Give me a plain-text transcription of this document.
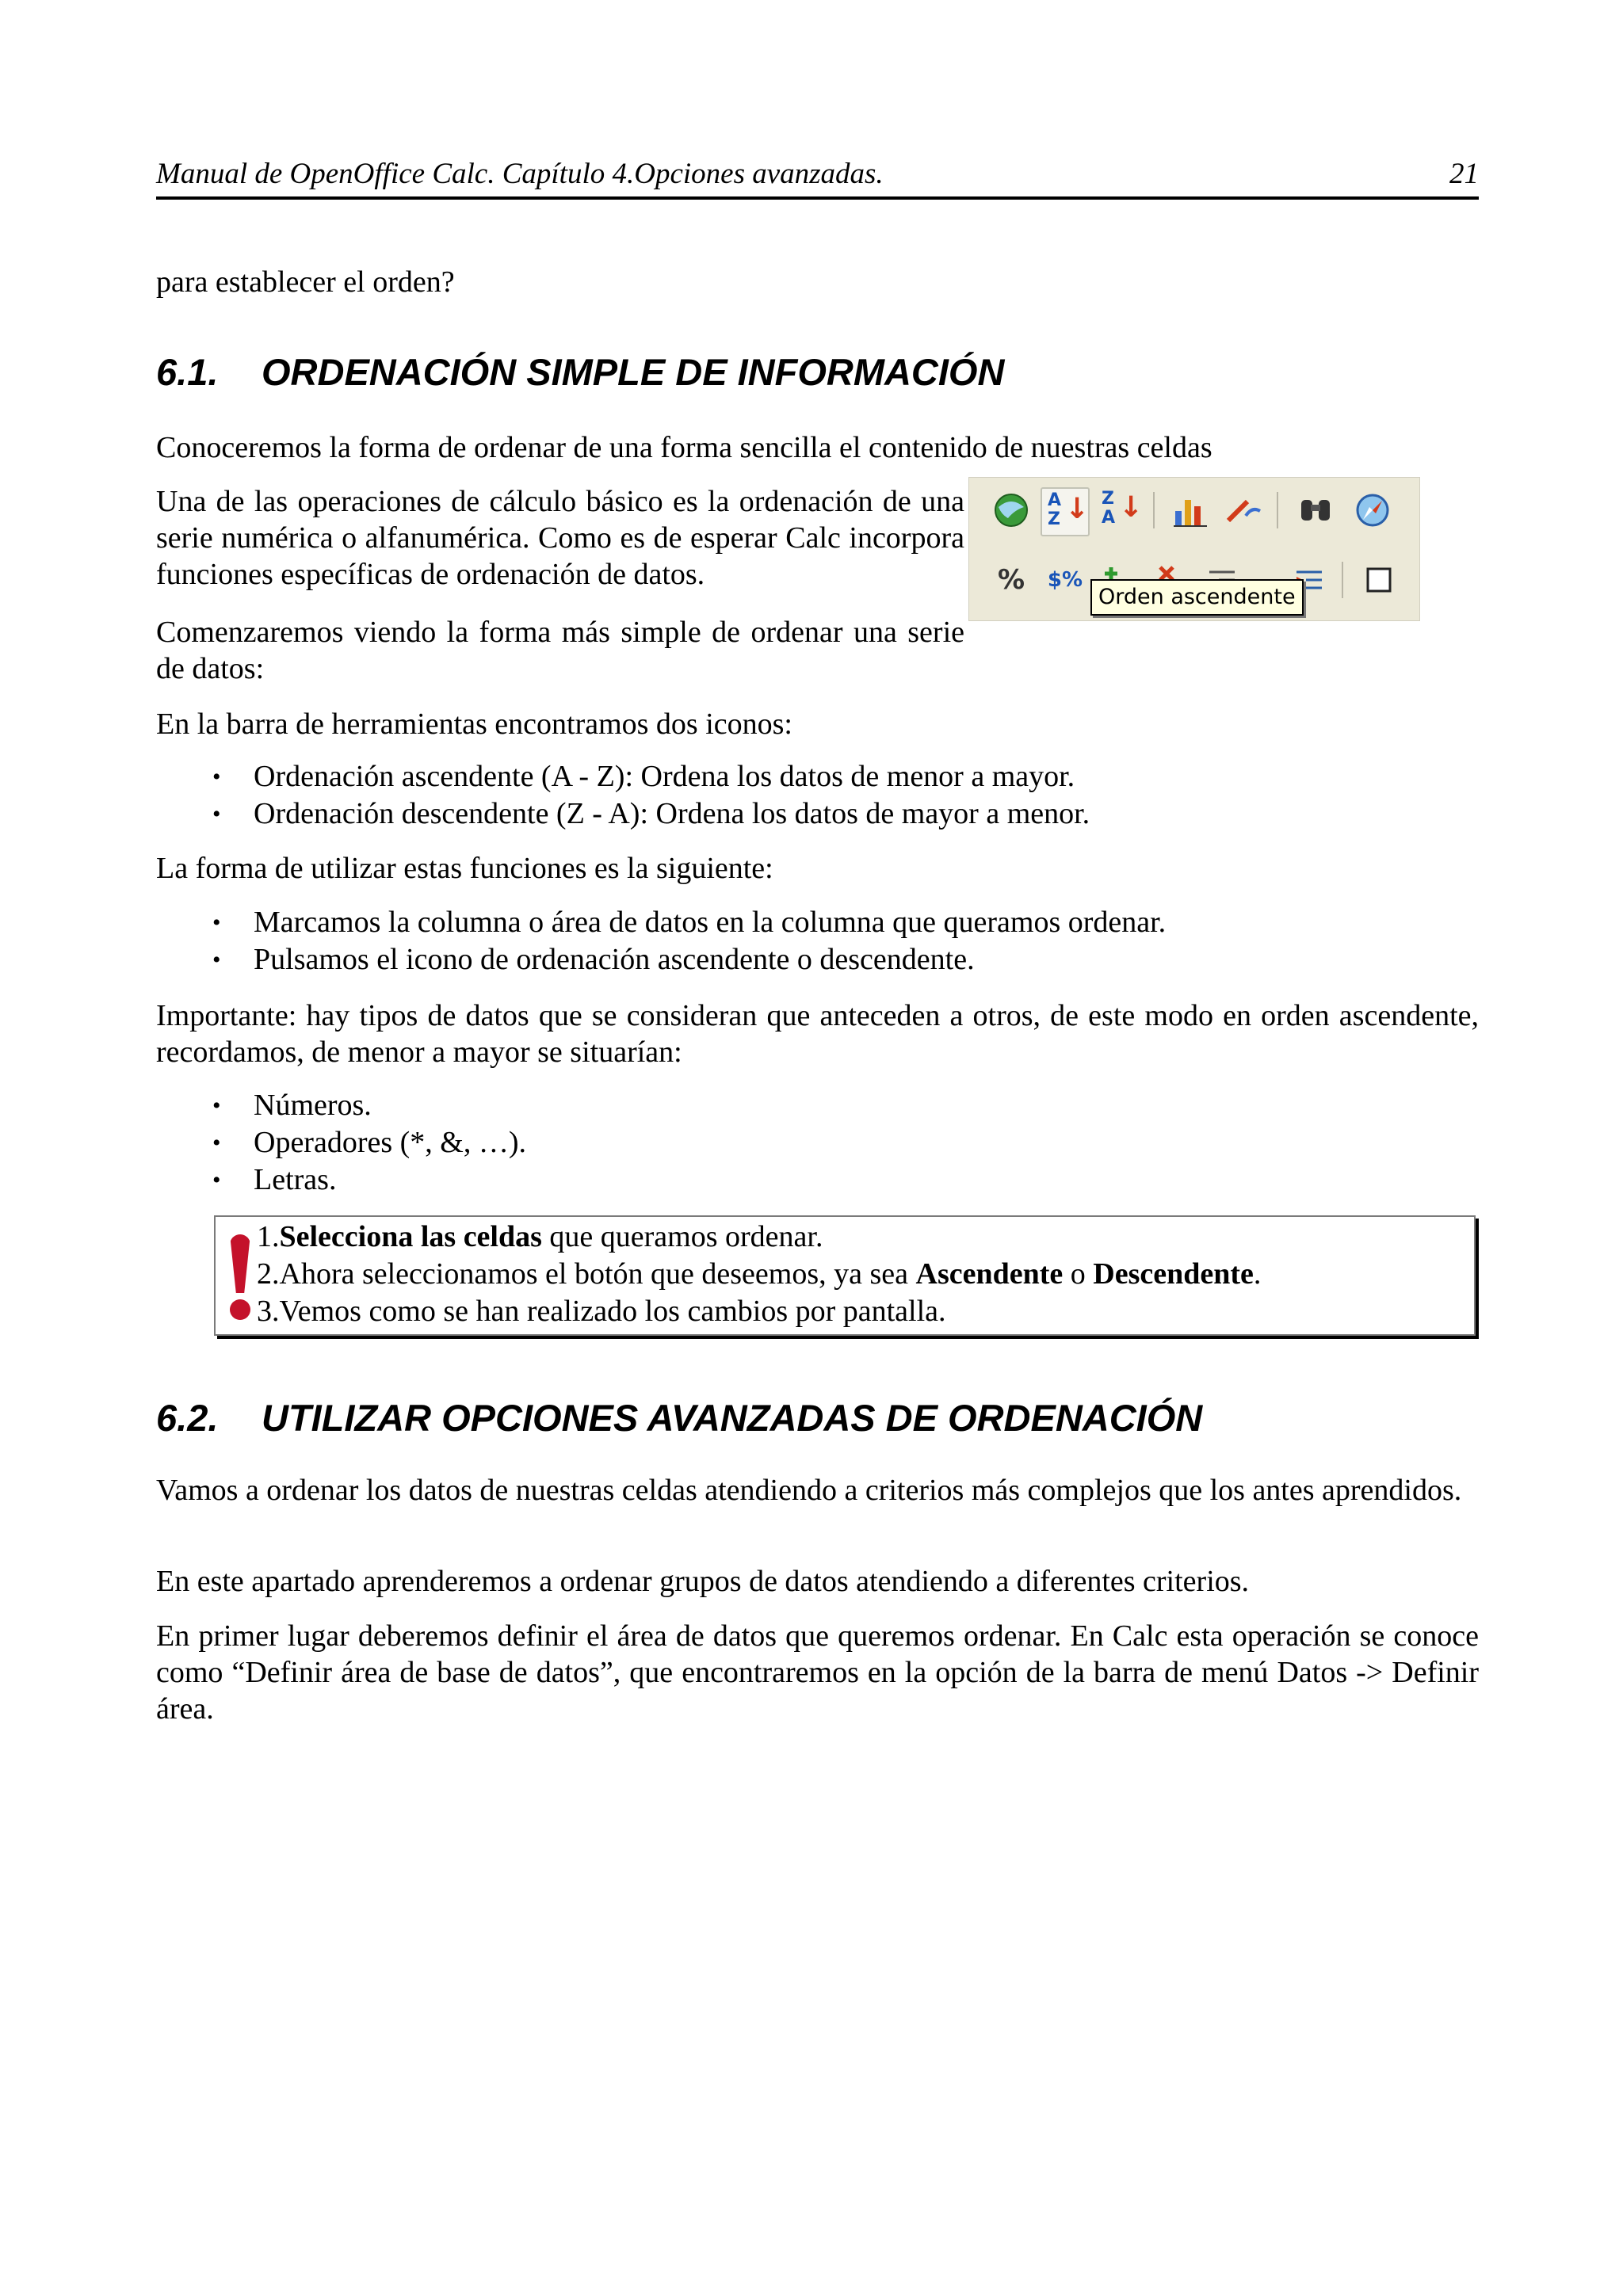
Manual de OpenOffice Calc. Capítulo 4.Opciones avanzadas.	21

para establecer el orden?

6.1. ORDENACIÓN SIMPLE DE INFORMACIÓN

Conoceremos la forma de ordenar de una forma sencilla el contenido de nuestras celdas

Una de las operaciones de cálculo básico es la ordenación de una serie numérica o alfanumérica. Como es de esperar Calc incorpora funciones específicas de ordenación de datos.

Comenzaremos viendo la forma más simple de ordenar una serie de datos:

En la barra de herramientas encontramos dos iconos:

• Ordenación ascendente (A - Z): Ordena los datos de menor a mayor.
• Ordenación descendente (Z - A): Ordena los datos de mayor a menor.

La forma de utilizar estas funciones es la siguiente:

• Marcamos la columna o área de datos en la columna que queramos ordenar.
• Pulsamos el icono de ordenación ascendente o descendente.

Importante: hay tipos de datos que se consideran que anteceden a otros, de este modo en orden ascendente, recordamos, de menor a mayor se situarían:

• Números.
• Operadores (*, &, …).
• Letras.
1.Selecciona las celdas que queramos ordenar.
2.Ahora seleccionamos el botón que deseemos, ya sea Ascendente o Descendente.
3.Vemos como se han realizado los cambios por pantalla.
A
Z ↓ Z
A ↓
%	$%
Orden ascendente
6.2. UTILIZAR OPCIONES AVANZADAS DE ORDENACIÓN

Vamos a ordenar los datos de nuestras celdas atendiendo a criterios más complejos que los antes aprendidos.

En este apartado aprenderemos a ordenar grupos de datos atendiendo a diferentes criterios.

En primer lugar deberemos definir el área de datos que queremos ordenar. En Calc esta operación se conoce como “Definir área de base de datos”, que encontraremos en la opción de la barra de menú Datos -> Definir área.
